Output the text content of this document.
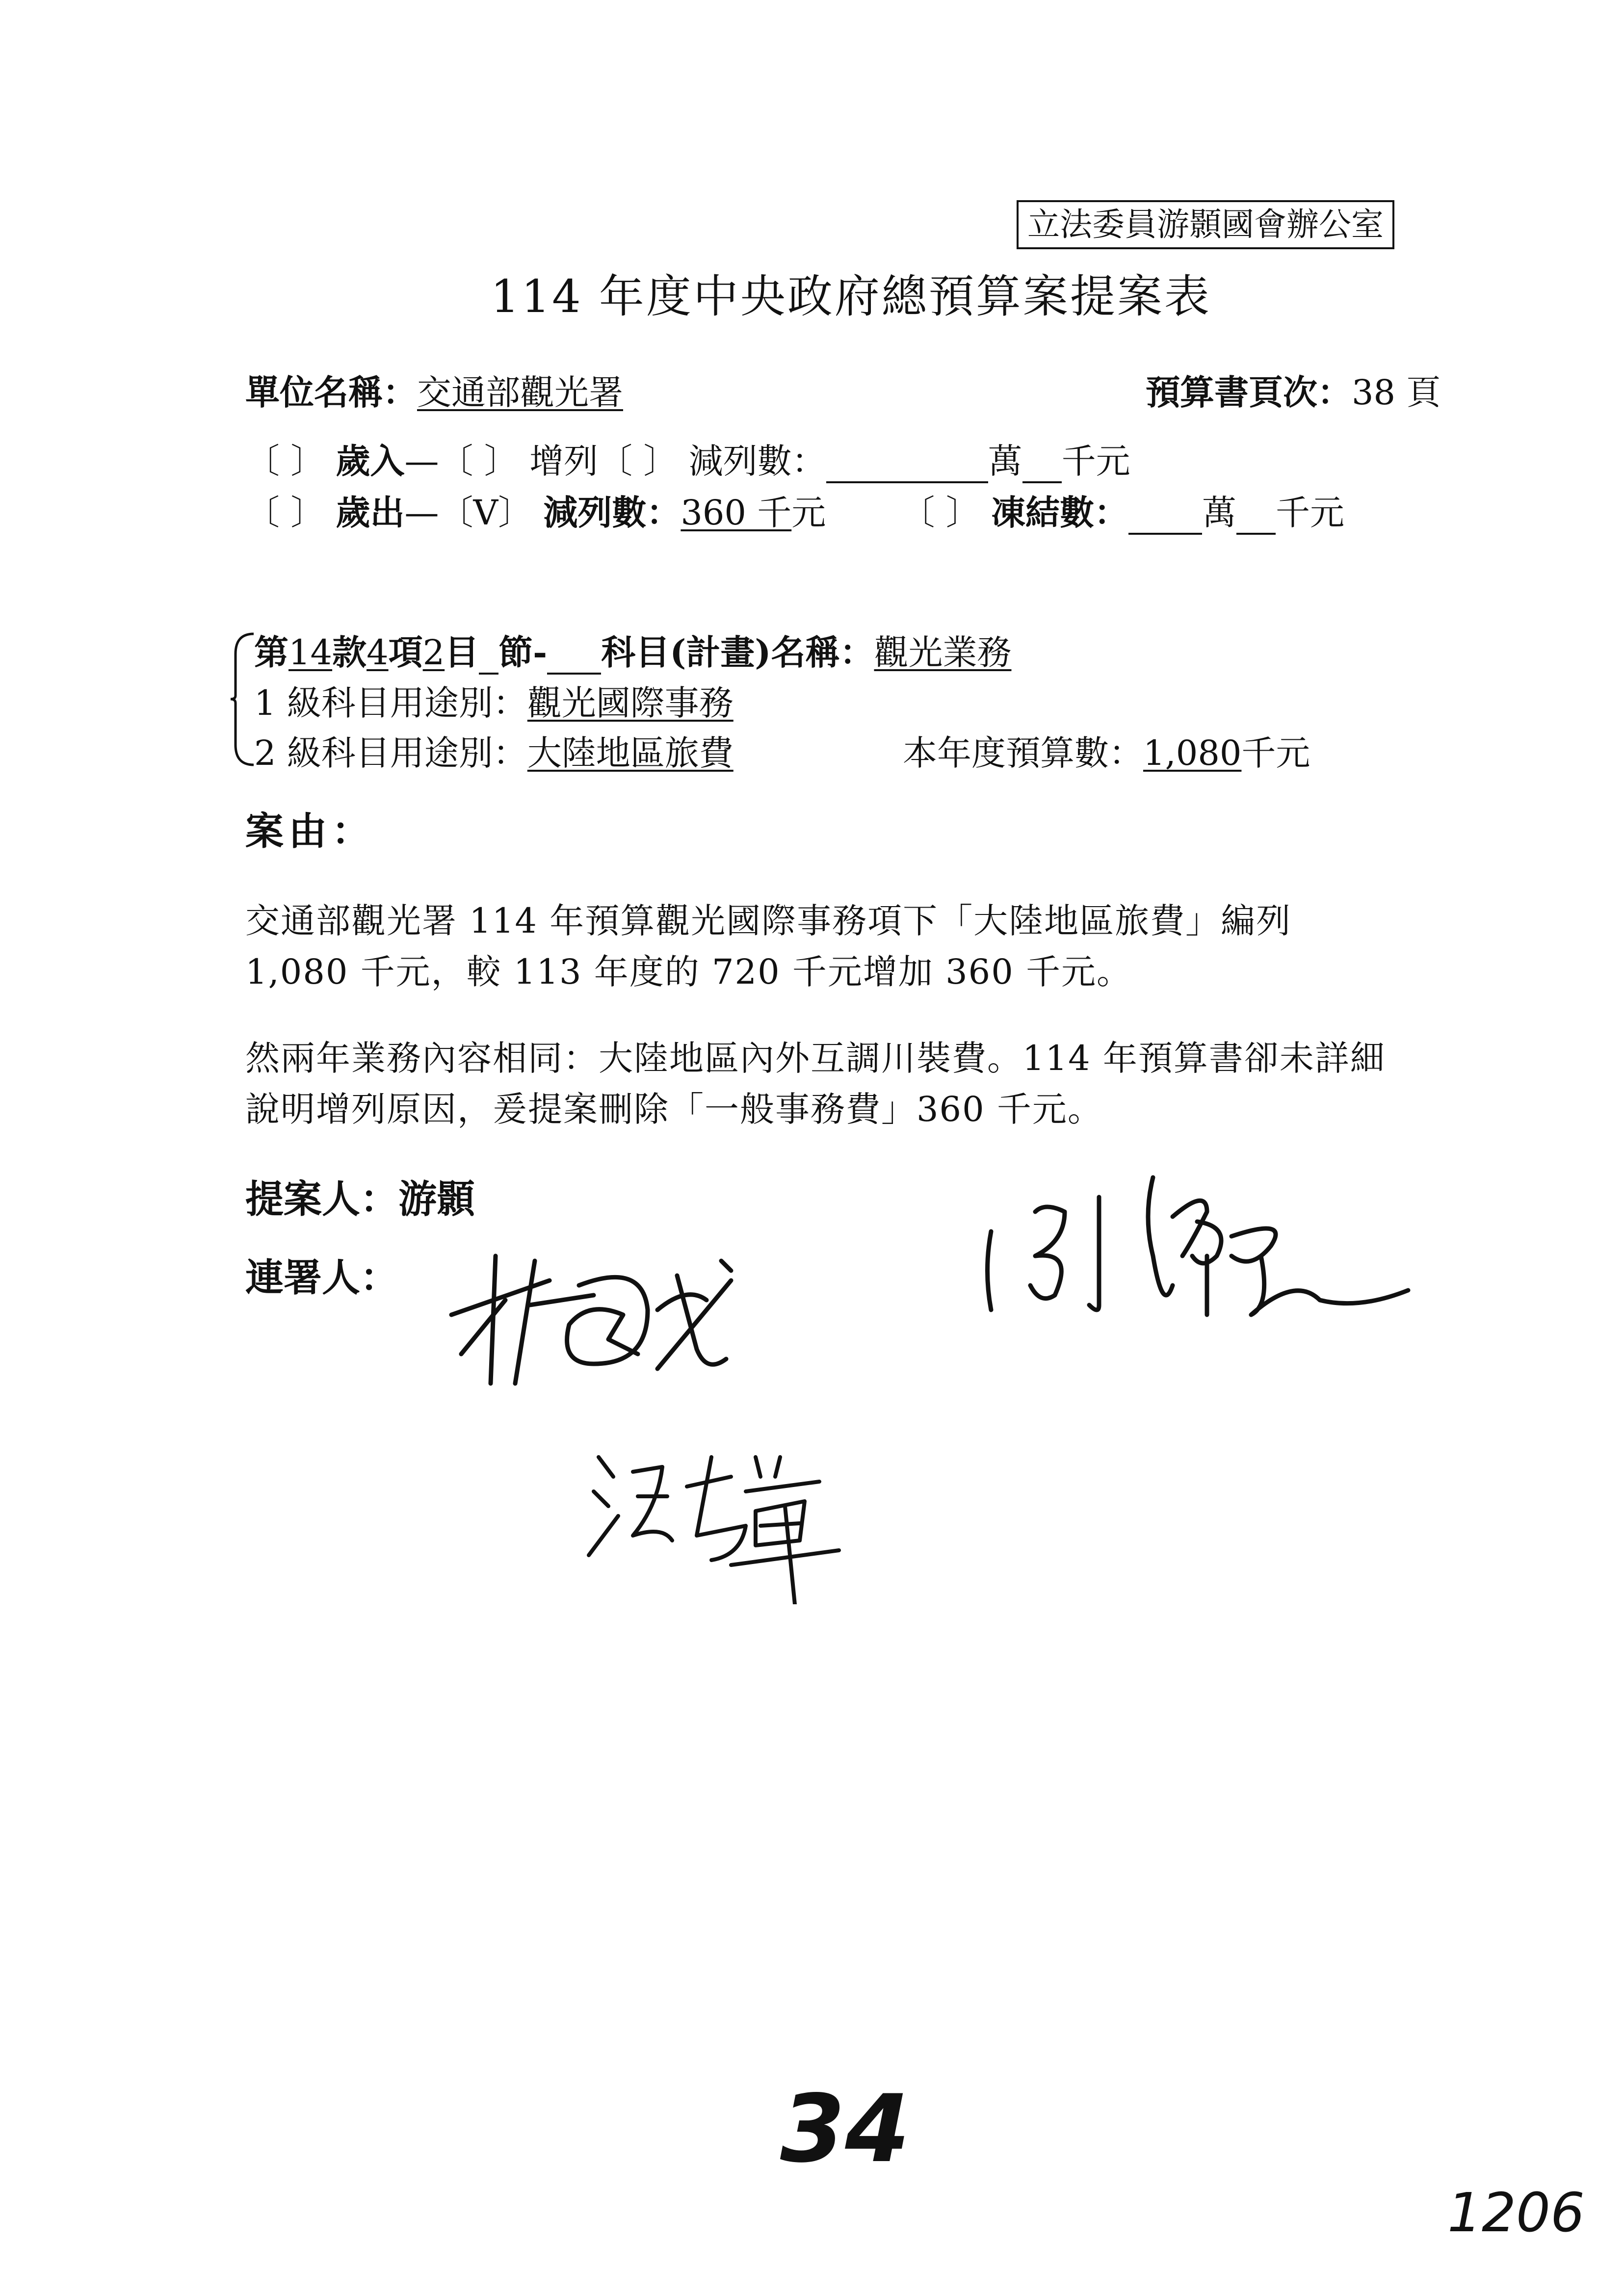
立法委員游顥國會辦公室
114 年度中央政府總預算案提案表
單位名稱：交通部觀光署	預算書頁次：38 頁
〔 〕 歲入—〔 〕 增列〔 〕 減列數：	萬 千元
〔 〕 歲出—〔V〕 減列數：360 千元 〔 〕 凍結數： 萬 千元
第14款4項2目 節- 科目(計畫)名稱：觀光業務
1 級科目用途別：觀光國際事務
2 級科目用途別：大陸地區旅費	本年度預算數：1,080千元
案由：
交通部觀光署 114 年預算觀光國際事務項下「大陸地區旅費」編列 1,080 千元，較 113 年度的 720 千元增加 360 千元。
然兩年業務內容相同：大陸地區內外互調川裝費。114 年預算書卻未詳細說明增列原因，爰提案刪除「一般事務費」360 千元。
提案人：游顥
連署人：
34
1206
